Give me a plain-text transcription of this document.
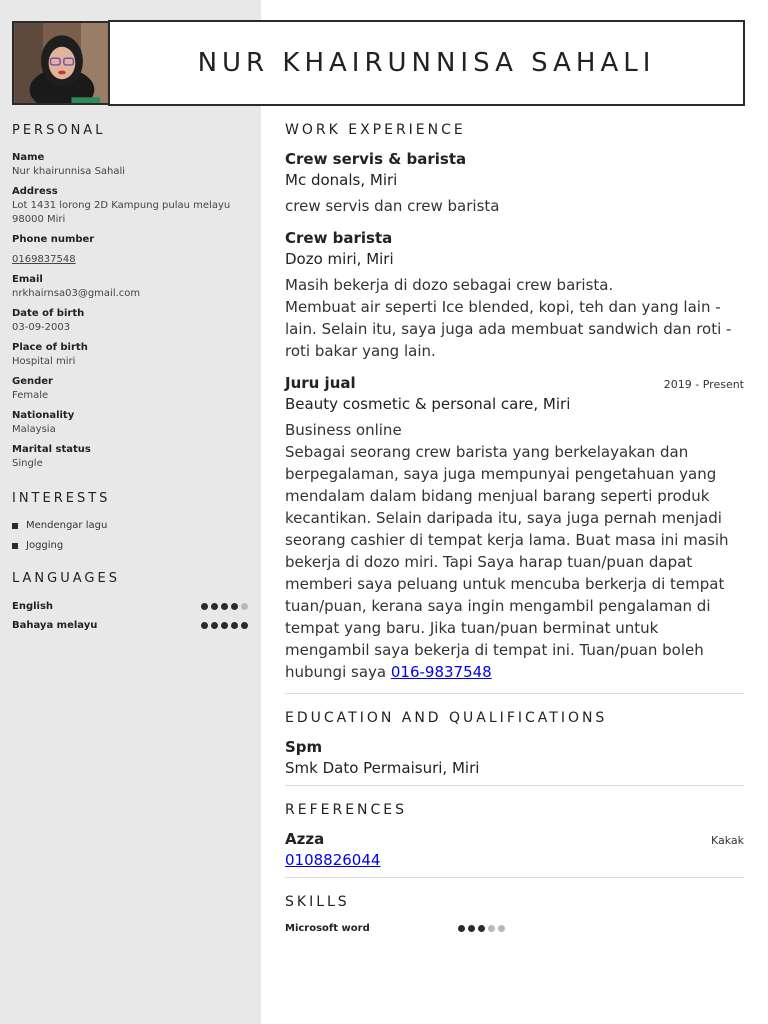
NUR KHAIRUNNISA SAHALI
PERSONAL
Name
Nur khairunnisa Sahali
Address
Lot 1431 lorong 2D Kampung pulau melayu
98000 Miri
Phone number
0169837548
Email
nrkhairnsa03@gmail.com
Date of birth
03-09-2003
Place of birth
Hospital miri
Gender
Female
Nationality
Malaysia
Marital status
Single
INTERESTS
Mendengar lagu
Jogging
LANGUAGES
English
Bahaya melayu
WORK EXPERIENCE
Crew servis & barista
Mc donals, Miri
crew servis dan crew barista
Crew barista
Dozo miri, Miri
Masih bekerja di dozo sebagai crew barista.
Membuat air seperti Ice blended, kopi, teh dan yang lain - lain. Selain itu, saya juga ada membuat sandwich dan roti - roti bakar yang lain.
Juru jual	2019 - Present
Beauty cosmetic & personal care, Miri
Business online
Sebagai seorang crew barista yang berkelayakan dan berpegalaman, saya juga mempunyai pengetahuan yang mendalam dalam bidang menjual barang seperti produk kecantikan. Selain daripada itu, saya juga pernah menjadi seorang cashier di tempat kerja lama. Buat masa ini masih bekerja di dozo miri. Tapi Saya harap tuan/puan dapat memberi saya peluang untuk mencuba berkerja di tempat tuan/puan, kerana saya ingin mengambil pengalaman di tempat yang baru. Jika tuan/puan berminat untuk mengambil saya bekerja di tempat ini. Tuan/puan boleh hubungi saya 016-9837548
EDUCATION AND QUALIFICATIONS
Spm
Smk Dato Permaisuri, Miri
REFERENCES
Azza	Kakak
0108826044
SKILLS
Microsoft word
